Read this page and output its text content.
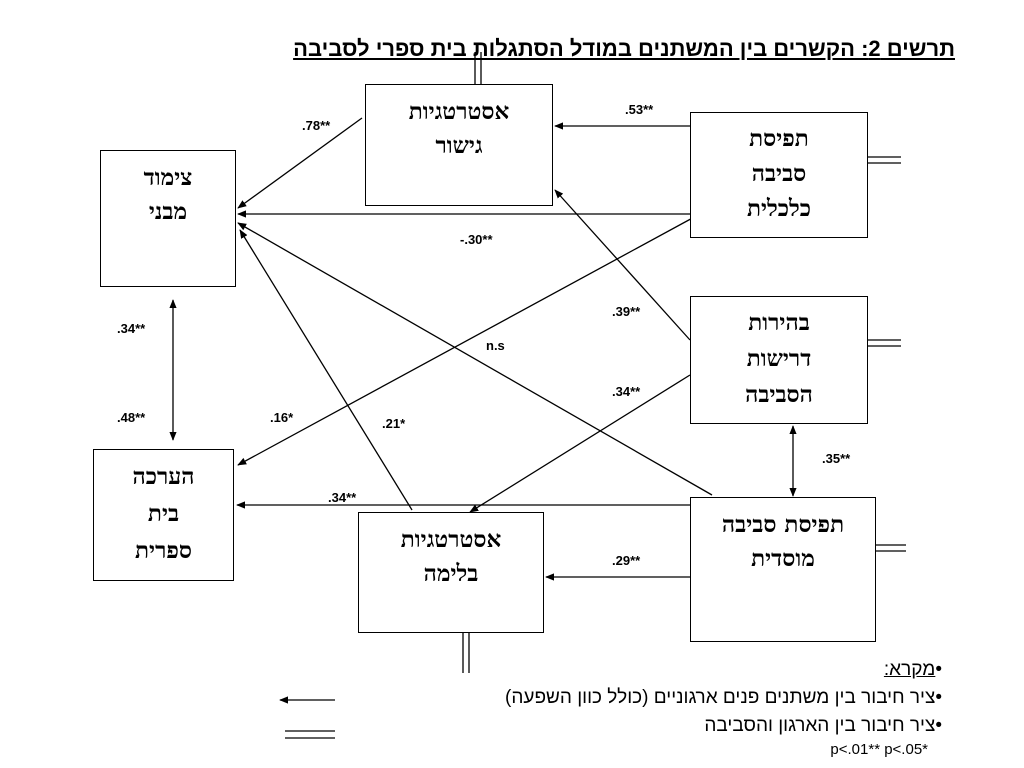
תרשים 2: הקשרים בין המשתנים במודל הסתגלות בית ספרי לסביבה
אסטרטגיות
גישור
צימוד
מבני
תפיסת
סביבה
כלכלית
בהירות
דרישות
הסביבה
הערכה
בית
ספרית	אסטרטגיות
בלימה
תפיסת סביבה
מוסדית
.78**
.53**
-.30**
.39**
n.s
.34**
.16*	.21*
.48**
.34**
.35**
.34**
.29**
•מקרא:
•ציר חיבור בין משתנים פנים ארגוניים (כולל כוון השפעה)
•ציר חיבור בין הארגון והסביבה
p<.01** p<.05*
